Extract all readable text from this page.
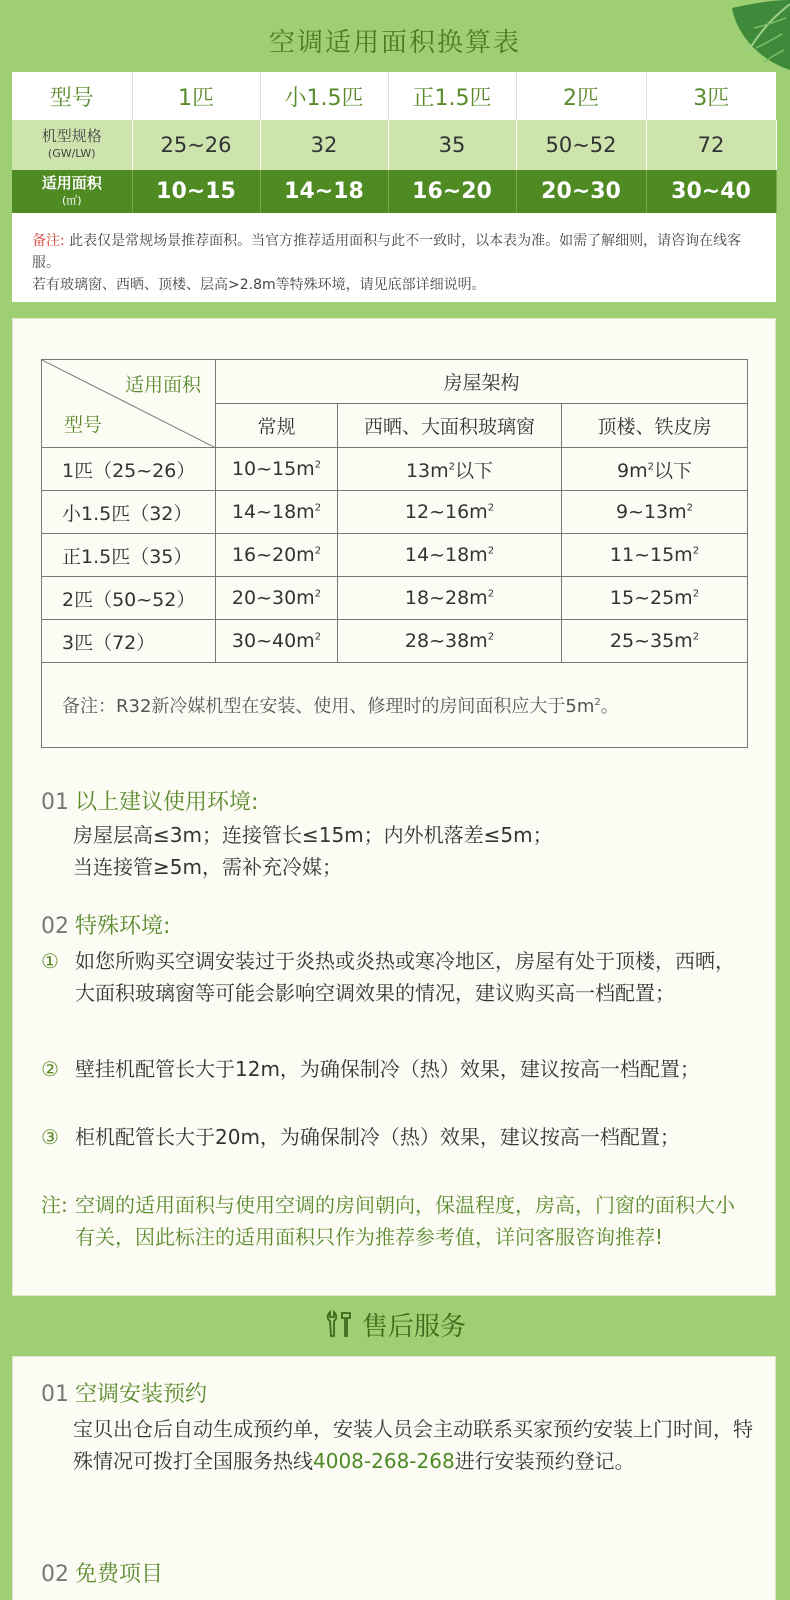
空调适用面积换算表
型号	1匹	小1.5匹	正1.5匹	2匹	3匹
机型规格
(GW/LW)	25~26	32	35	50~52	72
适用面积
(㎡)	10~15	14~18	16~20	20~30	30~40
备注: 此表仅是常规场景推荐面积。当官方推荐适用面积与此不一致时，以本表为准。如需了解细则，请咨询在线客服。
若有玻璃窗、西晒、顶楼、层高>2.8m等特殊环境，请见底部详细说明。
适用面积
型号	房屋架构		
	常规	西晒、大面积玻璃窗	顶楼、铁皮房
1匹（25~26）	$10\sim 15m^2$	$13m^2$以下	$9m^2$以下
小1.5匹（32）	$14\sim 18m^2$	$12\sim 16m^2$	$9\sim 13m^2$
正1.5匹（35）	$16\sim 20m^2$	$14\sim 18m^2$	$11\sim 15m^2$
2匹（50~52）	$20\sim 30m^2$	$18\sim 28m^2$	$15\sim 25m^2$
3匹（72）	$30\sim 40m^2$	$28\sim 38m^2$	$25\sim 35m^2$
备注：R32新冷媒机型在安装、使用、修理时的房间面积应大于$5m^2$。			
01 以上建议使用环境:
房屋层高≤3m；连接管长≤15m；内外机落差≤5m；
当连接管≥5m，需补充冷媒；
02 特殊环境:
① 如您所购买空调安装过于炎热或炎热或寒冷地区，房屋有处于顶楼，西晒，大面积玻璃窗等可能会影响空调效果的情况，建议购买高一档配置；
② 壁挂机配管长大于12m，为确保制冷（热）效果，建议按高一档配置；
③ 柜机配管长大于20m，为确保制冷（热）效果，建议按高一档配置；
注: 空调的适用面积与使用空调的房间朝向，保温程度，房高，门窗的面积大小有关，因此标注的适用面积只作为推荐参考值，详问客服咨询推荐!
售后服务
01 空调安装预约
宝贝出仓后自动生成预约单，安装人员会主动联系买家预约安装上门时间，特殊情况可拨打全国服务热线4008-268-268进行安装预约登记。
02 免费项目
